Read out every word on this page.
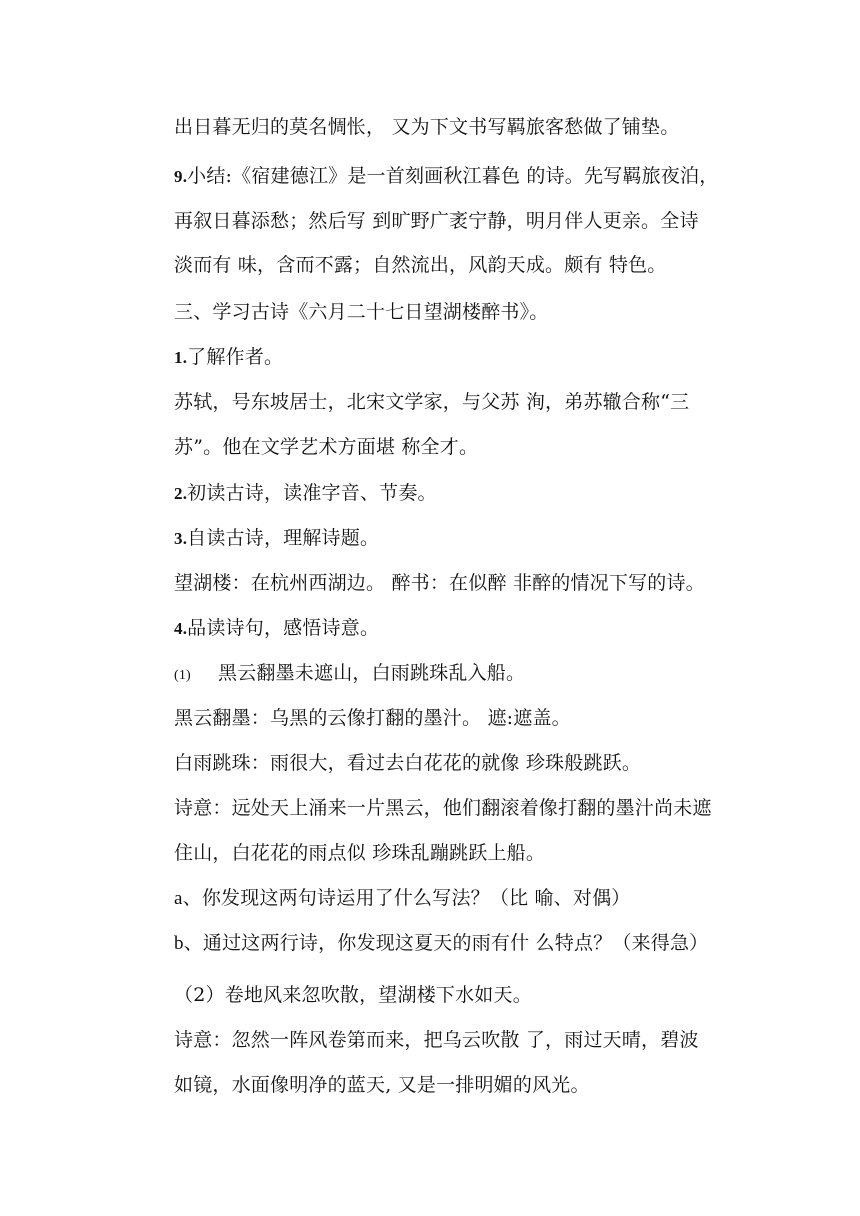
出日暮无归的莫名惆怅， 又为下文书写羁旅客愁做了铺垫。
9.小结:《宿建德江》是一首刻画秋江暮色 的诗。先写羁旅夜泊，
再叙日暮添愁；然后写 到旷野广袤宁静，明月伴人更亲。全诗
淡而有 味，含而不露；自然流出，风韵天成。颇有 特色。
三、学习古诗《六月二十七日望湖楼醉书》。
1.了解作者。
苏轼，号东坡居士，北宋文学家，与父苏 洵，弟苏辙合称“三
苏”。他在文学艺术方面堪 称全才。
2.初读古诗，读准字音、节奏。
3.自读古诗，理解诗题。
望湖楼：在杭州西湖边。 醉书：在似醉 非醉的情况下写的诗。
4.品读诗句，感悟诗意。
(1) 黑云翻墨未遮山，白雨跳珠乱入船。
黑云翻墨：乌黑的云像打翻的墨汁。 遮:遮盖。
白雨跳珠：雨很大，看过去白花花的就像 珍珠般跳跃。
诗意：远处天上涌来一片黑云，他们翻滚着像打翻的墨汁尚未遮
住山，白花花的雨点似 珍珠乱蹦跳跃上船。
a、你发现这两句诗运用了什么写法？（比 喻、对偶）
b、通过这两行诗，你发现这夏天的雨有什 么特点？（来得急）
（2）卷地风来忽吹散，望湖楼下水如天。
诗意：忽然一阵风卷第而来，把乌云吹散 了，雨过天晴，碧波
如镜，水面像明净的蓝天, 又是一排明媚的风光。
